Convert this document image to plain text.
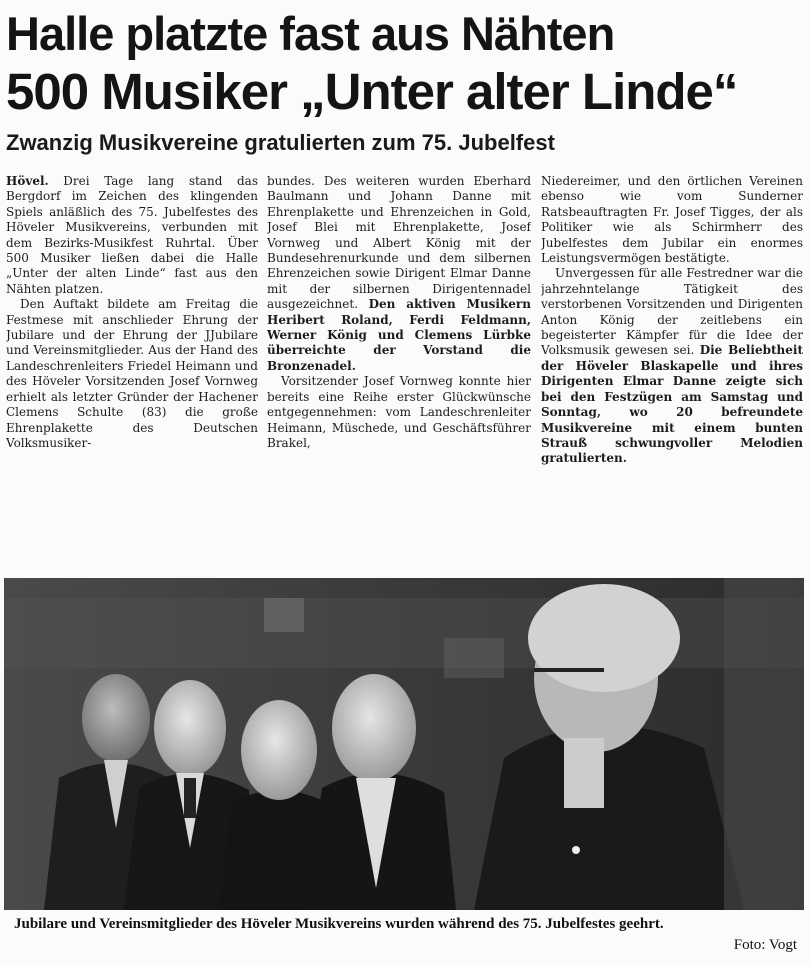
Halle platzte fast aus Nähten
500 Musiker „Unter alter Linde“
Zwanzig Musikvereine gratulierten zum 75. Jubelfest

Hövel. Drei Tage lang stand das Bergdorf im Zeichen des klingenden Spiels anläßlich des 75. Jubelfestes des Höveler Musikvereins, verbunden mit dem Bezirks-Musikfest Ruhrtal. Über 500 Musiker ließen dabei die Halle „Unter der alten Linde“ fast aus den Nähten platzen.

Den Auftakt bildete am Freitag die Festmese mit anschlieder Ehrung der Jubilare und der Ehrung der JJubilare und Vereinsmitglieder. Aus der Hand des Landeschrenleiters Friedel Heimann und des Höveler Vorsitzenden Josef Vornweg erhielt als letzter Gründer der Hachener Clemens Schulte (83) die große Ehrenplakette des Deutschen Volksmusiker-

bundes. Des weiteren wurden Eberhard Baulmann und Johann Danne mit Ehrenplakette und Ehrenzeichen in Gold, Josef Blei mit Ehrenplakette, Josef Vornweg und Albert König mit der Bundesehrenurkunde und dem silbernen Ehrenzeichen sowie Dirigent Elmar Danne mit der silbernen Dirigentennadel ausgezeichnet. Den aktiven Musikern Heribert Roland, Ferdi Feldmann, Werner König und Clemens Lürbke überreichte der Vorstand die Bronzenadel.

Vorsitzender Josef Vornweg konnte hier bereits eine Reihe erster Glückwünsche entgegennehmen: vom Landeschrenleiter Heimann, Müschede, und Geschäftsführer Brakel,

Niedereimer, und den örtlichen Vereinen ebenso wie vom Sunderner Ratsbeauftragten Fr. Josef Tigges, der als Politiker wie als Schirmherr des Jubelfestes dem Jubilar ein enormes Leistungsvermögen bestätigte.

Unvergessen für alle Festredner war die jahrzehntelange Tätigkeit des verstorbenen Vorsitzenden und Dirigenten Anton König der zeitlebens ein begeisterter Kämpfer für die Idee der Volksmusik gewesen sei. Die Beliebtheit der Höveler Blaskapelle und ihres Dirigenten Elmar Danne zeigte sich bei den Festzügen am Samstag und Sonntag, wo 20 befreundete Musikvereine mit einem bunten Strauß schwungvoller Melodien gratulierten.

Jubilare und Vereinsmitglieder des Höveler Musikvereins wurden während des 75. Jubelfestes geehrt.

Foto: Vogt
